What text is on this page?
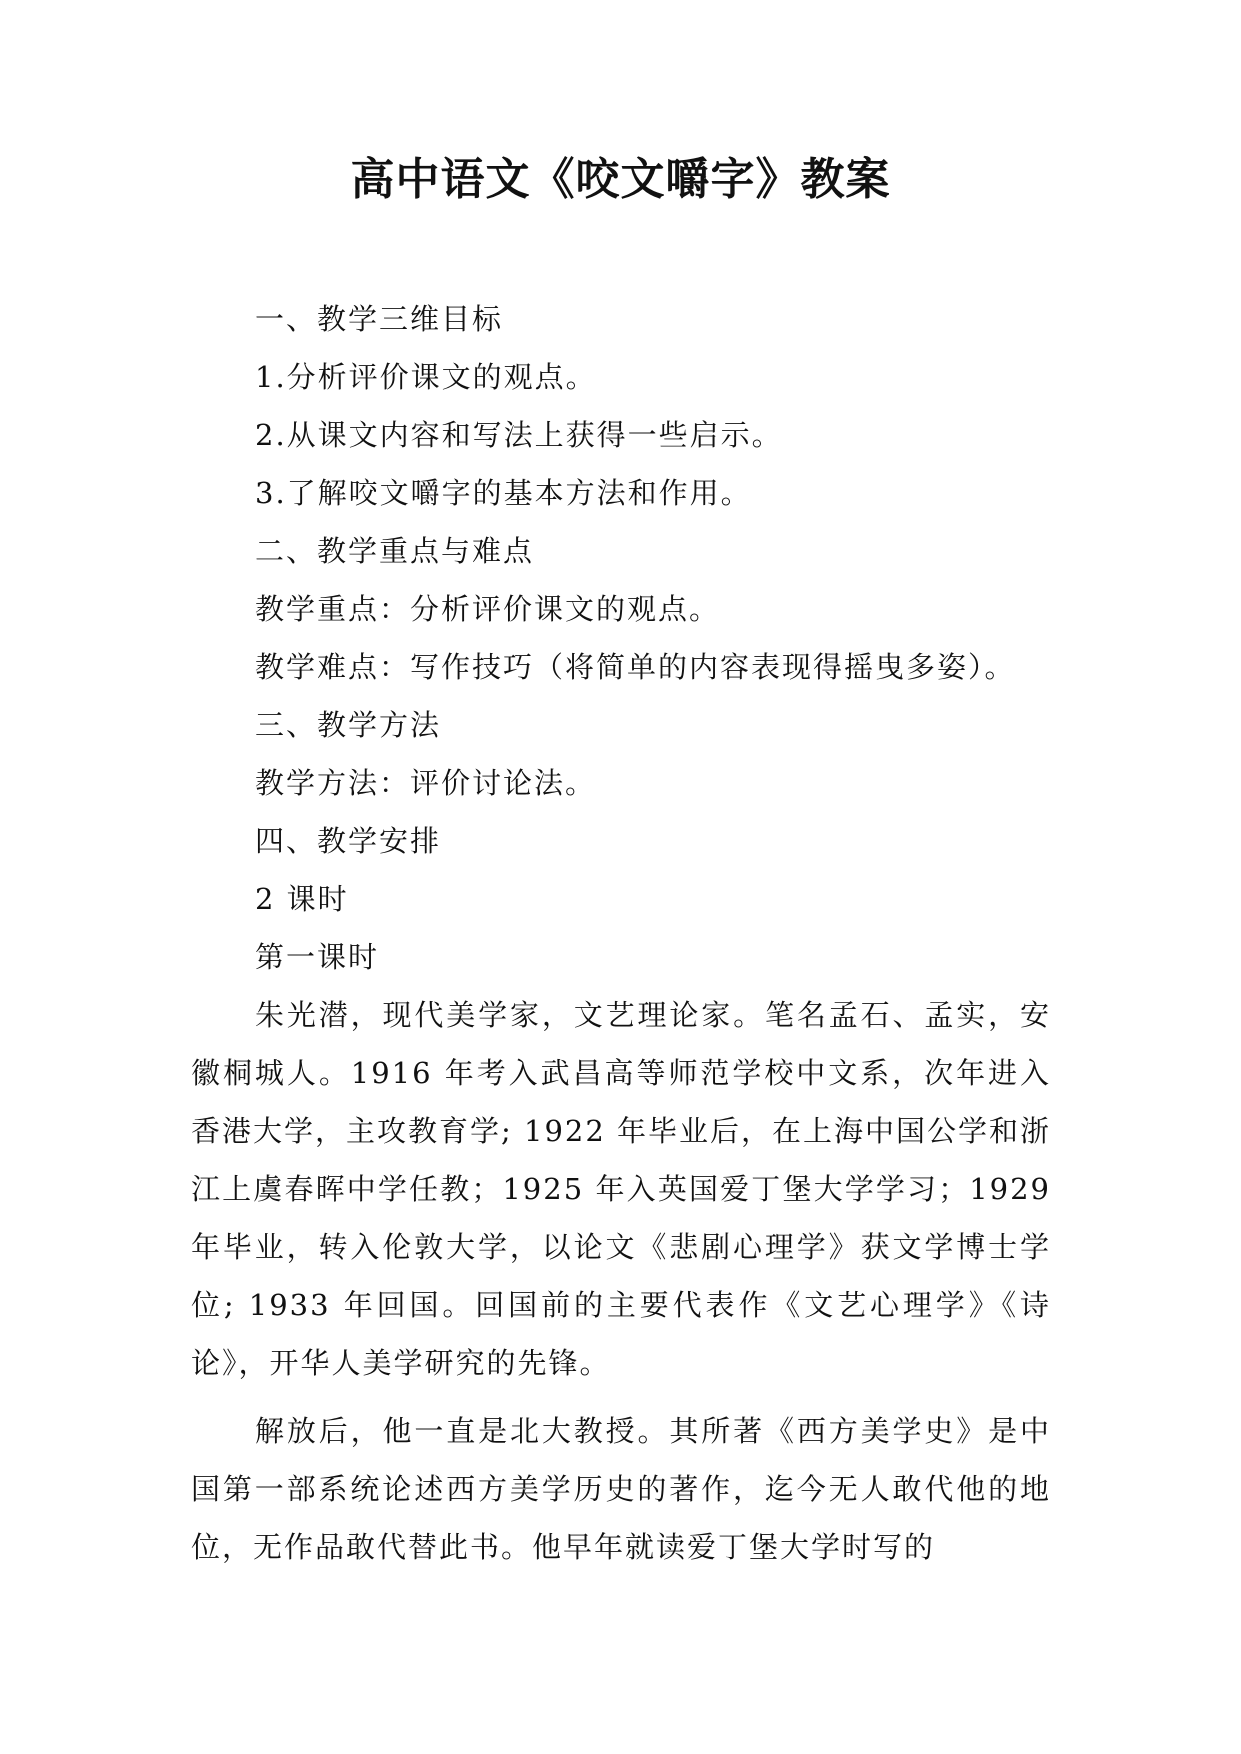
高中语文《咬文嚼字》教案
一、教学三维目标
1.分析评价课文的观点。
2.从课文内容和写法上获得一些启示。
3.了解咬文嚼字的基本方法和作用。
二、教学重点与难点
教学重点：分析评价课文的观点。
教学难点：写作技巧（将简单的内容表现得摇曳多姿）。
三、教学方法
教学方法：评价讨论法。
四、教学安排
2 课时
第一课时

朱光潜，现代美学家，文艺理论家。笔名孟石、孟实，安徽桐城人。1916 年考入武昌高等师范学校中文系，次年进入香港大学，主攻教育学; 1922 年毕业后，在上海中国公学和浙江上虞春晖中学任教；1925 年入英国爱丁堡大学学习；1929 年毕业，转入伦敦大学，以论文《悲剧心理学》获文学博士学位; 1933 年回国。回国前的主要代表作《文艺心理学》《诗论》，开华人美学研究的先锋。

解放后，他一直是北大教授。其所著《西方美学史》是中国第一部系统论述西方美学历史的著作，迄今无人敢代他的地位，无作品敢代替此书。他早年就读爱丁堡大学时写的
